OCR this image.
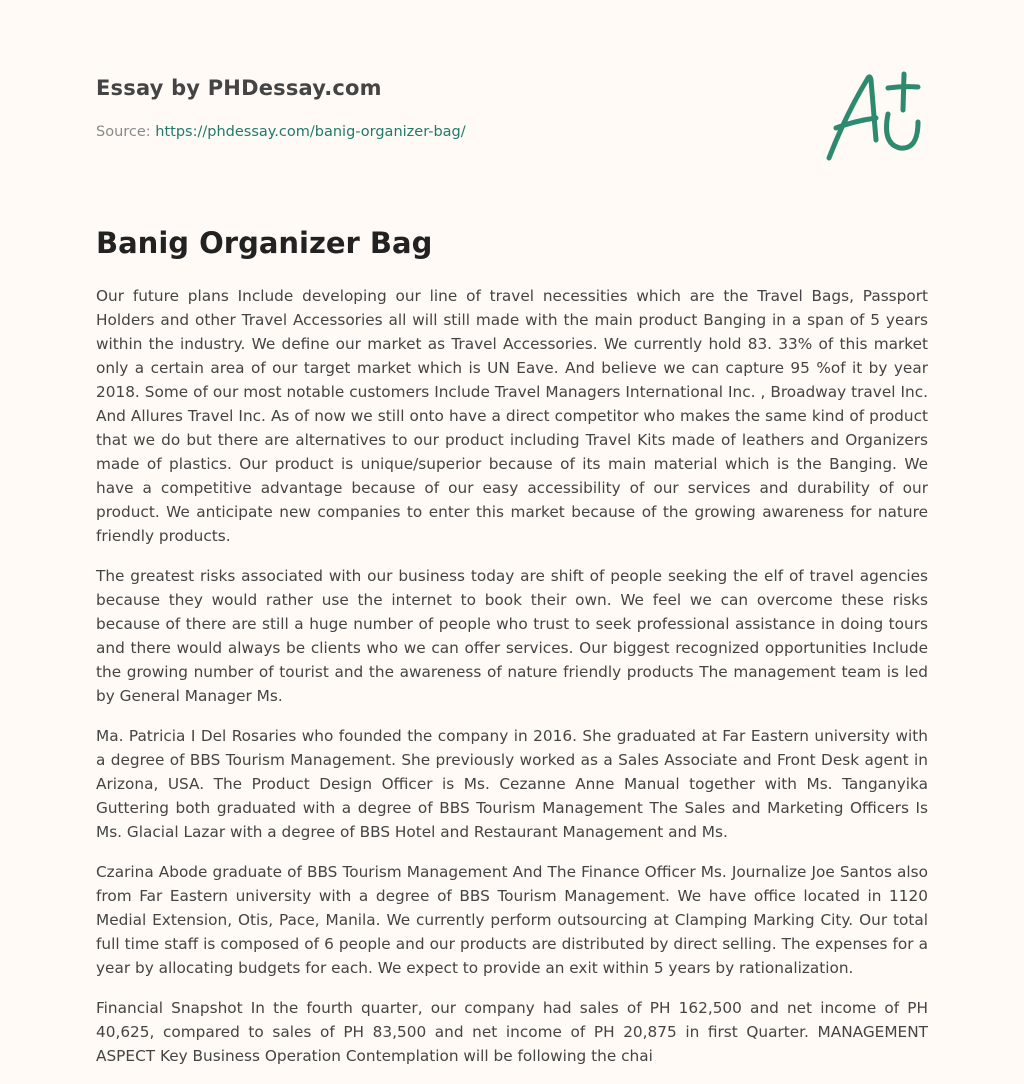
Essay by PHDessay.com
Source: https://phdessay.com/banig-organizer-bag/
Banig Organizer Bag

Our future plans Include developing our line of travel necessities which are the Travel Bags, Passport Holders and other Travel Accessories all will still made with the main product Banging in a span of 5 years within the industry. We define our market as Travel Accessories. We currently hold 83. 33% of this market only a certain area of our target market which is UN Eave. And believe we can capture 95 %of it by year 2018. Some of our most notable customers Include Travel Managers International Inc. , Broadway travel Inc. And Allures Travel Inc. As of now we still onto have a direct competitor who makes the same kind of product that we do but there are alternatives to our product including Travel Kits made of leathers and Organizers made of plastics. Our product is unique/superior because of its main material which is the Banging. We have a competitive advantage because of our easy accessibility of our services and durability of our product. We anticipate new companies to enter this market because of the growing awareness for nature friendly products.

The greatest risks associated with our business today are shift of people seeking the elf of travel agencies because they would rather use the internet to book their own. We feel we can overcome these risks because of there are still a huge number of people who trust to seek professional assistance in doing tours and there would always be clients who we can offer services. Our biggest recognized opportunities Include the growing number of tourist and the awareness of nature friendly products The management team is led by General Manager Ms.

Ma. Patricia I Del Rosaries who founded the company in 2016. She graduated at Far Eastern university with a degree of BBS Tourism Management. She previously worked as a Sales Associate and Front Desk agent in Arizona, USA. The Product Design Officer is Ms. Cezanne Anne Manual together with Ms. Tanganyika Guttering both graduated with a degree of BBS Tourism Management The Sales and Marketing Officers Is Ms. Glacial Lazar with a degree of BBS Hotel and Restaurant Management and Ms.

Czarina Abode graduate of BBS Tourism Management And The Finance Officer Ms. Journalize Joe Santos also from Far Eastern university with a degree of BBS Tourism Management. We have office located in 1120 Medial Extension, Otis, Pace, Manila. We currently perform outsourcing at Clamping Marking City. Our total full time staff is composed of 6 people and our products are distributed by direct selling. The expenses for a year by allocating budgets for each. We expect to provide an exit within 5 years by rationalization.

Financial Snapshot In the fourth quarter, our company had sales of PH 162,500 and net income of PH 40,625, compared to sales of PH 83,500 and net income of PH 20,875 in first Quarter. MANAGEMENT ASPECT Key Business Operation Contemplation will be following the chai
